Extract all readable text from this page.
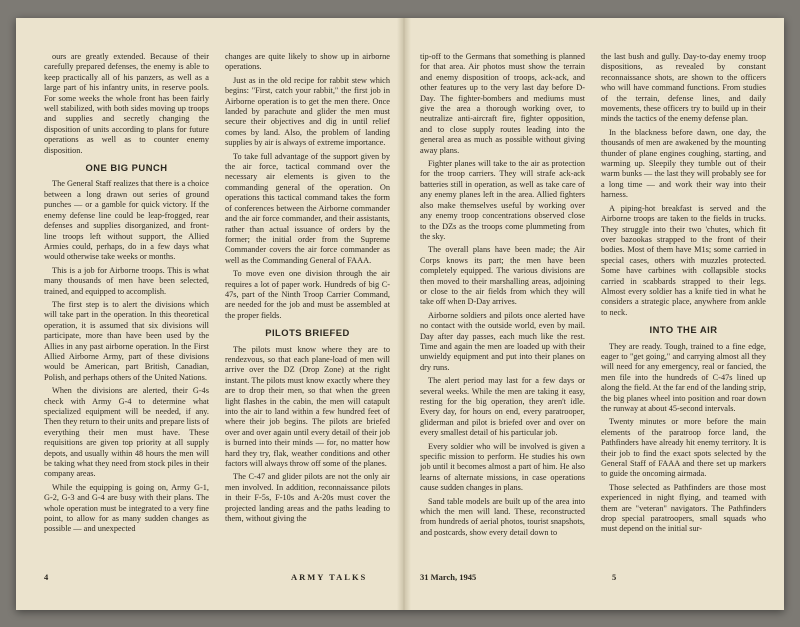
ours are greatly extended. Because of their carefully prepared defenses, the enemy is able to keep practically all of his panzers, as well as a large part of his infantry units, in reserve pools. For some weeks the whole front has been fairly well stabilized, with both sides moving up troops and supplies and secretly changing the disposition of units according to plans for future operations as well as to counter enemy disposition.

ONE BIG PUNCH

The General Staff realizes that there is a choice between a long drawn out series of ground punches — or a gamble for quick victory. If the enemy defense line could be leap-frogged, rear defenses and supplies disorganized, and front-line troops left without support, the Allied Armies could, perhaps, do in a few days what would otherwise take weeks or months.

This is a job for Airborne troops. This is what many thousands of men have been selected, trained, and equipped to accomplish.

The first step is to alert the divisions which will take part in the operation. In this theoretical operation, it is assumed that six divisions will participate, more than have been used by the Allies in any past airborne operation. In the First Allied Airborne Army, part of these divisions would be American, part British, Canadian, Polish, and perhaps others of the United Nations.

When the divisions are alerted, their G-4s check with Army G-4 to determine what specialized equipment will be needed, if any. Then they return to their units and prepare lists of everything their men must have. These requisitions are given top priority at all supply depots, and usually within 48 hours the men will be taking what they need from stock piles in their company areas.

While the equipping is going on, Army G-1, G-2, G-3 and G-4 are busy with their plans. The whole operation must be integrated to a very fine point, to allow for as many sudden changes as possible — and unexpected

changes are quite likely to show up in airborne operations.

Just as in the old recipe for rabbit stew which begins: "First, catch your rabbit," the first job in Airborne operation is to get the men there. Once landed by parachute and glider the men must secure their objectives and dig in until relief comes by land. Also, the problem of landing supplies by air is always of extreme importance.

To take full advantage of the support given by the air force, tactical command over the necessary air elements is given to the commanding general of the operation. On operations this tactical command takes the form of conferences between the Airborne commander and the air force commander, and their assistants, rather than actual issuance of orders by the former; the initial order from the Supreme Commander covers the air force commander as well as the Commanding General of FAAA.

To move even one division through the air requires a lot of paper work. Hundreds of big C-47s, part of the Ninth Troop Carrier Command, are needed for the job and must be assembled at the proper fields.

PILOTS BRIEFED

The pilots must know where they are to rendezvous, so that each plane-load of men will arrive over the DZ (Drop Zone) at the right instant. The pilots must know exactly where they are to drop their men, so that when the green light flashes in the cabin, the men will catapult into the air to land within a few hundred feet of where their job begins. The pilots are briefed over and over again until every detail of their job is burned into their minds — for, no matter how hard they try, flak, weather conditions and other factors will always throw off some of the planes.

The C-47 and glider pilots are not the only air men involved. In addition, reconnaissance pilots in their F-5s, F-10s and A-20s must cover the projected landing areas and the paths leading to them, without giving the

tip-off to the Germans that something is planned for that area. Air photos must show the terrain and enemy disposition of troops, ack-ack, and other features up to the very last day before D-Day. The fighter-bombers and mediums must give the area a thorough working over, to neutralize anti-aircraft fire, fighter opposition, and to close supply routes leading into the general area as much as possible without giving away plans.

Fighter planes will take to the air as protection for the troop carriers. They will strafe ack-ack batteries still in operation, as well as take care of any enemy planes left in the area. Allied fighters also make themselves useful by working over any enemy troop concentrations observed close to the DZs as the troops come plummeting from the sky.

The overall plans have been made; the Air Corps knows its part; the men have been completely equipped. The various divisions are then moved to their marshalling areas, adjoining or close to the air fields from which they will take off when D-Day arrives.

Airborne soldiers and pilots once alerted have no contact with the outside world, even by mail. Day after day passes, each much like the rest. Time and again the men are loaded up with their unwieldy equipment and put into their planes on dry runs.

The alert period may last for a few days or several weeks. While the men are taking it easy, resting for the big operation, they aren't idle. Every day, for hours on end, every paratrooper, gliderman and pilot is briefed over and over on every smallest detail of his particular job.

Every soldier who will be involved is given a specific mission to perform. He studies his own job until it becomes almost a part of him. He also learns of alternate missions, in case operations cause sudden changes in plans.

Sand table models are built up of the area into which the men will land. These, reconstructed from hundreds of aerial photos, tourist snapshots, and postcards, show every detail down to

the last bush and gully. Day-to-day enemy troop dispositions, as revealed by constant reconnaissance shots, are shown to the officers who will have command functions. From studies of the terrain, defense lines, and daily movements, these officers try to build up in their minds the tactics of the enemy defense plan.

In the blackness before dawn, one day, the thousands of men are awakened by the mounting thunder of plane engines coughing, starting, and warming up. Sleepily they tumble out of their warm bunks — the last they will probably see for a long time — and work their way into their harness.

A piping-hot breakfast is served and the Airborne troops are taken to the fields in trucks. They struggle into their two 'chutes, which fit over bazookas strapped to the front of their bodies. Most of them have M1s; some carried in special cases, others with muzzles protected. Some have carbines with collapsible stocks carried in scabbards strapped to their legs. Almost every soldier has a knife tied in what he considers a strategic place, anywhere from ankle to neck.

INTO THE AIR

They are ready. Tough, trained to a fine edge, eager to "get going," and carrying almost all they will need for any emergency, real or fancied, the men file into the hundreds of C-47s lined up along the field. At the far end of the landing strip, the big planes wheel into position and roar down the runway at about 45-second intervals.

Twenty minutes or more before the main elements of the paratroop force land, the Pathfinders have already hit enemy territory. It is their job to find the exact spots selected by the General Staff of FAAA and there set up markers to guide the oncoming airmada.

Those selected as Pathfinders are those most experienced in night flying, and teamed with them are "veteran" navigators. The Pathfinders drop special paratroopers, small squads who must depend on the initial sur-

4	ARMY TALKS	31 March, 1945	5
